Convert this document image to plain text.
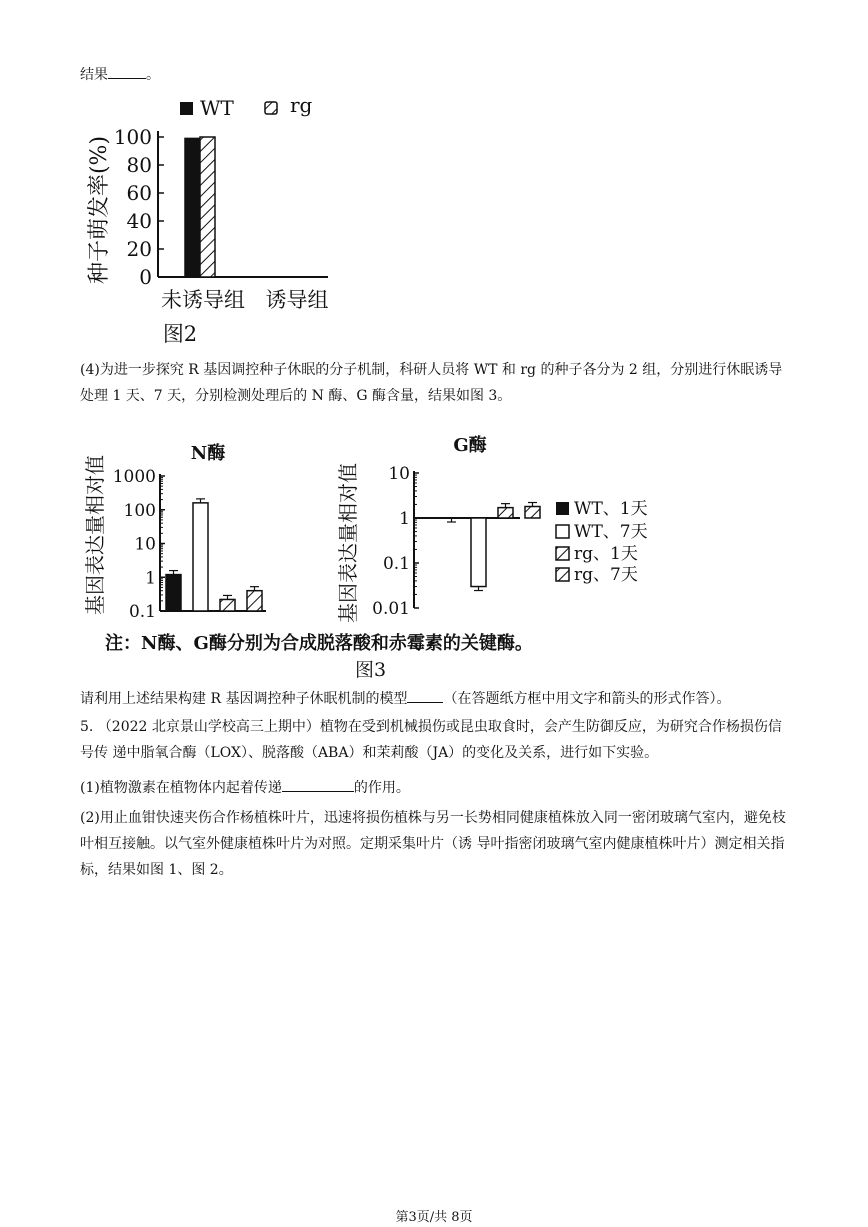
结果	。
WT	rg
种子萌发率(%) 100
80
60
40
20
0
未诱导组 诱导组
图2
(4)为进一步探究 R 基因调控种子休眠的分子机制，科研人员将 WT 和 rg 的种子各分为 2 组，分别进行休眠诱导处理 1 天、7 天，分别检测处理后的 N 酶、G 酶含量，结果如图 3。
基因表达量相对值
N酶
基因表达量相对值
G酶
1000
100
10
1
0.1
10
1
0.1
0.01
WT、1天
WT、7天
rg、1天
rg、7天
注：N酶、G酶分别为合成脱落酸和赤霉素的关键酶。
图3
请利用上述结果构建 R 基因调控种子休眠机制的模型	（在答题纸方框中用文字和箭头的形式作答）。
5. （2022 北京景山学校高三上期中）植物在受到机械损伤或昆虫取食时，会产生防御反应，为研究合作杨损伤信号传 递中脂氧合酶（LOX）、脱落酸（ABA）和茉莉酸（JA）的变化及关系，进行如下实验。
(1)植物激素在植物体内起着传递	的作用。
(2)用止血钳快速夹伤合作杨植株叶片，迅速将损伤植株与另一长势相同健康植株放入同一密闭玻璃气室内，避免枝叶相互接触。以气室外健康植株叶片为对照。定期采集叶片（诱 导叶指密闭玻璃气室内健康植株叶片）测定相关指标，结果如图 1、图 2。
第3页/共 8页
